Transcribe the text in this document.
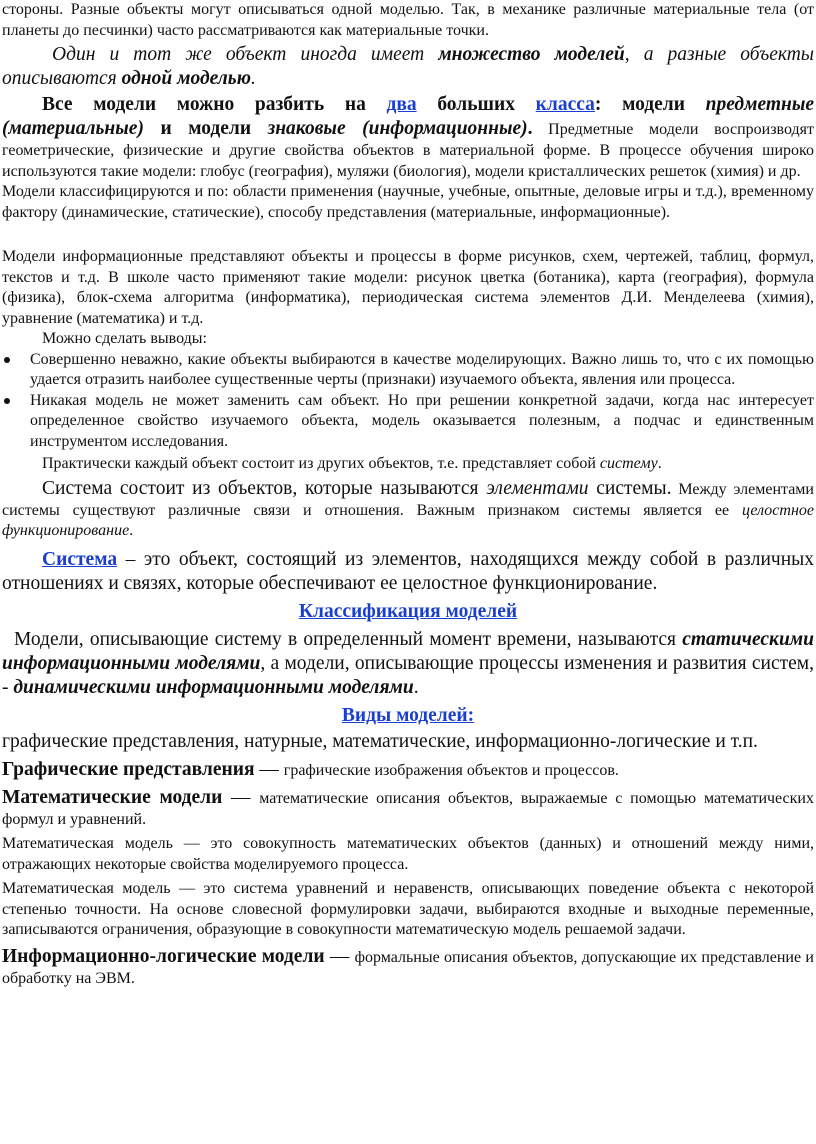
стороны. Разные объекты могут описываться одной моделью. Так, в механике различные материальные тела (от планеты до песчинки) часто рассматриваются как материальные точки.

Один и тот же объект иногда имеет множество моделей, а разные объекты описываются одной моделью.

Все модели можно разбить на два больших класса: модели предметные (материальные) и модели знаковые (информационные). Предметные модели воспроизводят геометрические, физические и другие свойства объектов в материальной форме. В процессе обучения широко используются такие модели: глобус (география), муляжи (биология), модели кристаллических решеток (химия) и др.

Модели классифицируются и по: области применения (научные, учебные, опытные, деловые игры и т.д.), временному фактору (динамические, статические), способу представления (материальные, информационные).

Модели информационные представляют объекты и процессы в форме рисунков, схем, чертежей, таблиц, формул, текстов и т.д. В школе часто применяют такие модели: рисунок цветка (ботаника), карта (география), формула (физика), блок-схема алгоритма (информатика), периодическая система элементов Д.И. Менделеева (химия), уравнение (математика) и т.д.

Можно сделать выводы:

Совершенно неважно, какие объекты выбираются в качестве моделирующих. Важно лишь то, что с их помощью удается отразить наиболее существенные черты (признаки) изучаемого объекта, явления или процесса.
Никакая модель не может заменить сам объект. Но при решении конкретной задачи, когда нас интересует определенное свойство изучаемого объекта, модель оказывается полезным, а подчас и единственным инструментом исследования.

Практически каждый объект состоит из других объектов, т.е. представляет собой систему.

Система состоит из объектов, которые называются элементами системы. Между элементами системы существуют различные связи и отношения. Важным признаком системы является ее целостное функционирование.

Система – это объект, состоящий из элементов, находящихся между собой в различных отношениях и связях, которые обеспечивают ее целостное функционирование.

Классификация моделей

Модели, описывающие систему в определенный момент времени, называются статическими информационными моделями, а модели, описывающие процессы изменения и развития систем, - динамическими информационными моделями.

Виды моделей:

графические представления, натурные, математические, информационно-логические и т.п.

Графические представления — графические изображения объектов и процессов.

Математические модели — математические описания объектов, выражаемые с помощью математических формул и уравнений.

Математическая модель — это совокупность математических объектов (данных) и отношений между ними, отражающих некоторые свойства моделируемого процесса.

Математическая модель — это система уравнений и неравенств, описывающих поведение объекта с некоторой степенью точности. На основе словесной формулировки задачи, выбираются входные и выходные переменные, записываются ограничения, образующие в совокупности математическую модель решаемой задачи.

Информационно-логические модели — формальные описания объектов, допускающие их представление и обработку на ЭВМ.
